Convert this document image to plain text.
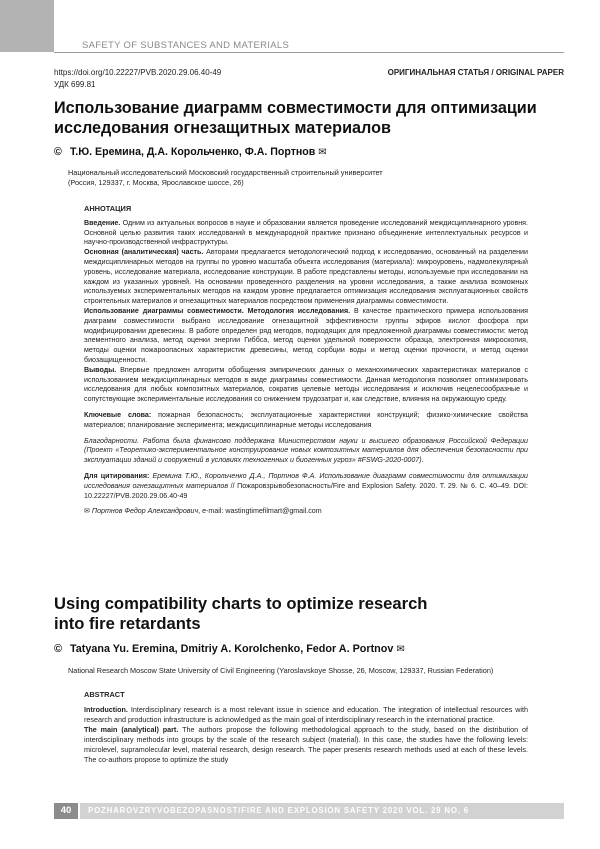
SAFETY OF SUBSTANCES AND MATERIALS
https://doi.org/10.22227/PVB.2020.29.06.40-49
УДК 699.81
ОРИГИНАЛЬНАЯ СТАТЬЯ / ORIGINAL PAPER
Использование диаграмм совместимости для оптимизации исследования огнезащитных материалов
© Т.Ю. Еремина, Д.А. Корольченко, Ф.А. Портнов ✉
Национальный исследовательский Московский государственный строительный университет
(Россия, 129337, г. Москва, Ярославское шоссе, 26)
АННОТАЦИЯ

Введение. Одним из актуальных вопросов в науке и образовании является проведение исследований междисциплинарного уровня. Основной целью развития таких исследований в международной практике признано объединение интеллектуальных ресурсов и научно-производственной инфраструктуры.

Основная (аналитическая) часть. Авторами предлагается методологический подход к исследованию, основанный на разделении междисциплинарных методов на группы по уровню масштаба объекта исследования (материала): микроуровень, надмолекулярный уровень, исследование материала, исследование конструкции. В работе представлены методы, используемые при исследовании на каждом из указанных уровней. На основании проведенного разделения на уровни исследования, а также анализа возможных используемых экспериментальных методов на каждом уровне предлагается оптимизация исследования эксплуатационных свойств строительных материалов и огнезащитных материалов посредством применения диаграммы совместимости.

Использование диаграммы совместимости. Методология исследования. В качестве практического примера использования диаграмм совместимости выбрано исследование огнезащитной эффективности группы эфиров кислот фосфора при модифицировании древесины. В работе определен ряд методов, подходящих для предложенной диаграммы совместимости: метод элементного анализа, метод оценки энергии Гиббса, метод оценки удельной поверхности образца, электронная микроскопия, методы оценки пожароопасных характеристик древесины, метод сорбции воды и метод оценки прочности, и метод оценки биозащищенности.

Выводы. Впервые предложен алгоритм обобщения эмпирических данных о механохимических характеристиках материалов с использованием междисциплинарных методов в виде диаграммы совместимости. Данная методология позволяет оптимизировать исследования для любых композитных материалов, сократив целевые методы исследования и исключив нецелесообразные и сопутствующие экспериментальные исследования со снижением трудозатрат и, как следствие, влияния на окружающую среду.

Ключевые слова: пожарная безопасность; эксплуатационные характеристики конструкций; физико-химические свойства материалов; планирование эксперимента; междисциплинарные методы исследования

Благодарности. Работа была финансово поддержана Министерством науки и высшего образования Российской Федерации (Проект «Теоретико-экспериментальное конструирование новых композитных материалов для обеспечения безопасности при эксплуатации зданий и сооружений в условиях техногенных и биогенных угроз» #FSWG-2020-0007).

Для цитирования: Еремина Т.Ю., Корольченко Д.А., Портнов Ф.А. Использование диаграмм совместимости для оптимизации исследования огнезащитных материалов // Пожаровзрывобезопасность/Fire and Explosion Safety. 2020. Т. 29. № 6. С. 40–49. DOI: 10.22227/PVB.2020.29.06.40-49

✉ Портнов Федор Александрович, e-mail: wastingtimefilmart@gmail.com

Using compatibility charts to optimize research into fire retardants
© Tatyana Yu. Eremina, Dmitriy A. Korolchenko, Fedor A. Portnov ✉
National Research Moscow State University of Civil Engineering (Yaroslavskoye Shosse, 26, Moscow, 129337, Russian Federation)
ABSTRACT

Introduction. Interdisciplinary research is a most relevant issue in science and education. The integration of intellectual resources with research and production infrastructure is acknowledged as the main goal of interdisciplinary research in the international practice.

The main (analytical) part. The authors propose the following methodological approach to the study, based on the distribution of interdisciplinary methods into groups by the scale of the research subject (material). In this case, the studies have the following levels: microlevel, supramolecular level, material research, design research. The paper presents research methods used at each of these levels. The co-authors propose to optimize the study

40	POZHAROVZRYVOBEZOPASNOST/FIRE AND EXPLOSION SAFETY 2020 VOL. 29 NO. 6
